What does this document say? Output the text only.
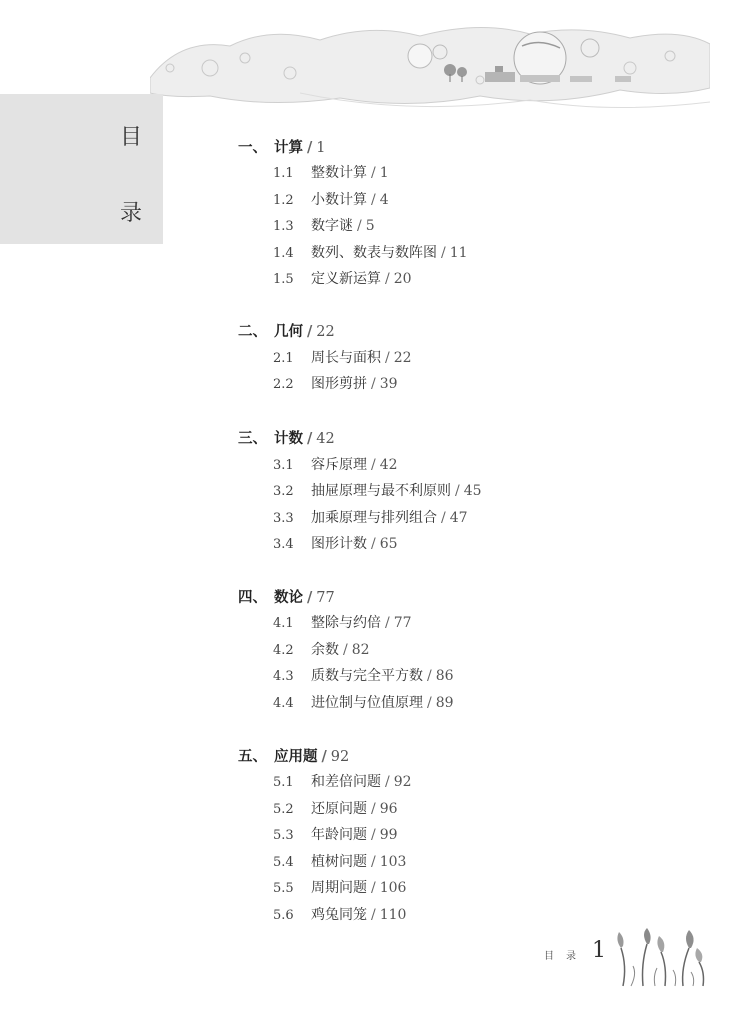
目
录
一、 计算 / 1
1.1 整数计算 / 1
1.2 小数计算 / 4
1.3 数字谜 / 5
1.4 数列、数表与数阵图 / 11
1.5 定义新运算 / 20
二、 几何 / 22
2.1 周长与面积 / 22
2.2 图形剪拼 / 39
三、 计数 / 42
3.1 容斥原理 / 42
3.2 抽屉原理与最不利原则 / 45
3.3 加乘原理与排列组合 / 47
3.4 图形计数 / 65
四、 数论 / 77
4.1 整除与约倍 / 77
4.2 余数 / 82
4.3 质数与完全平方数 / 86
4.4 进位制与位值原理 / 89
五、 应用题 / 92
5.1 和差倍问题 / 92
5.2 还原问题 / 96
5.3 年龄问题 / 99
5.4 植树问题 / 103
5.5 周期问题 / 106
5.6 鸡兔同笼 / 110
目录 1
